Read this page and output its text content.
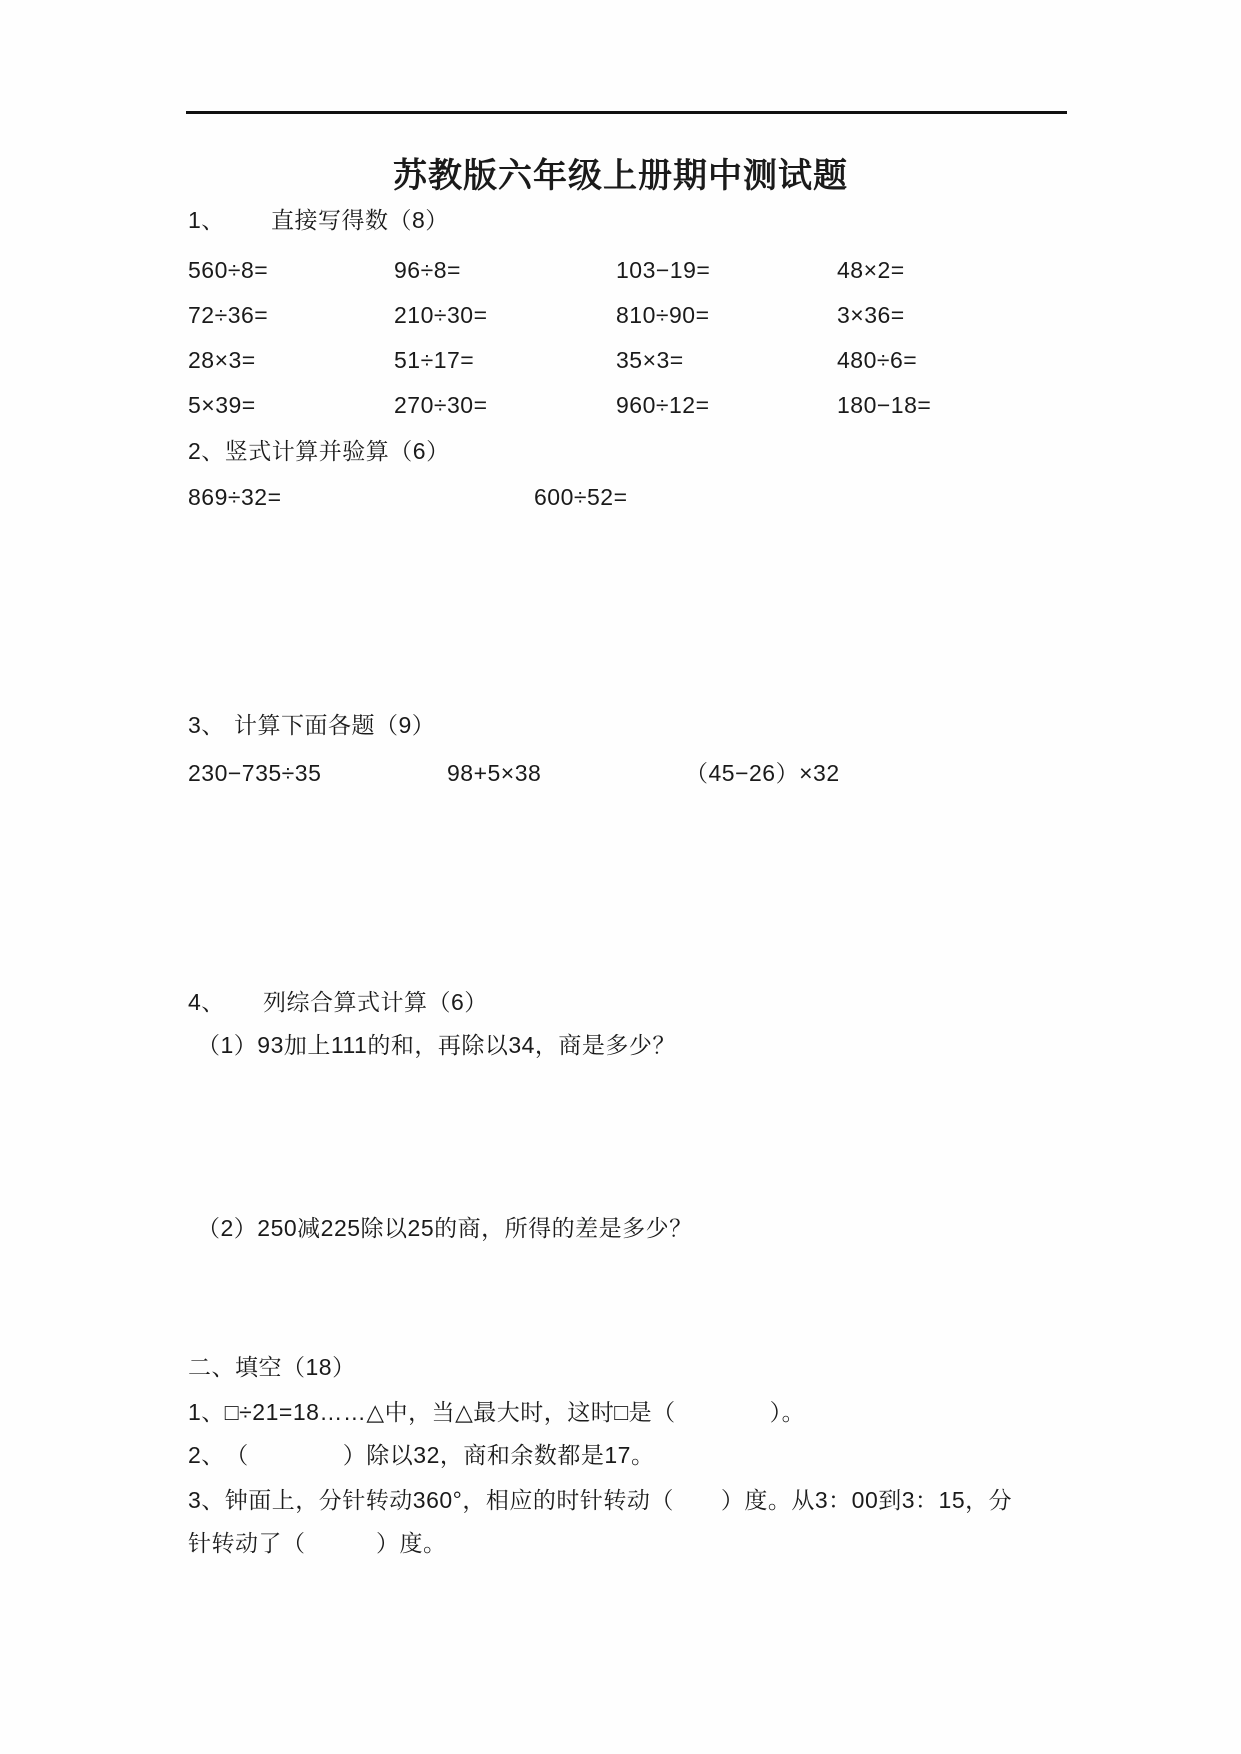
苏教版六年级上册期中测试题
1、 直接写得数（8）
560÷8=	96÷8=	103−19=	48×2=
72÷36=	210÷30=	810÷90=	3×36=
28×3=	51÷17=	35×3=	480÷6=
5×39=	270÷30=	960÷12=	180−18=
2、竖式计算并验算（6）
869÷32=	600÷52=
3、 计算下面各题（9）
230−735÷35	98+5×38	（45−26）×32
4、 列综合算式计算（6）
（1）93加上111的和，再除以34，商是多少？
（2）250减225除以25的商，所得的差是多少？
二、填空（18）
1、□÷21=18……△中，当△最大时，这时□是（　　　　）。
2、　（　　　　）除以32，商和余数都是17。
3、钟面上，分针转动360°，相应的时针转动（　　）度。从3：00到3：15，分
针转动了（　　　）度。
